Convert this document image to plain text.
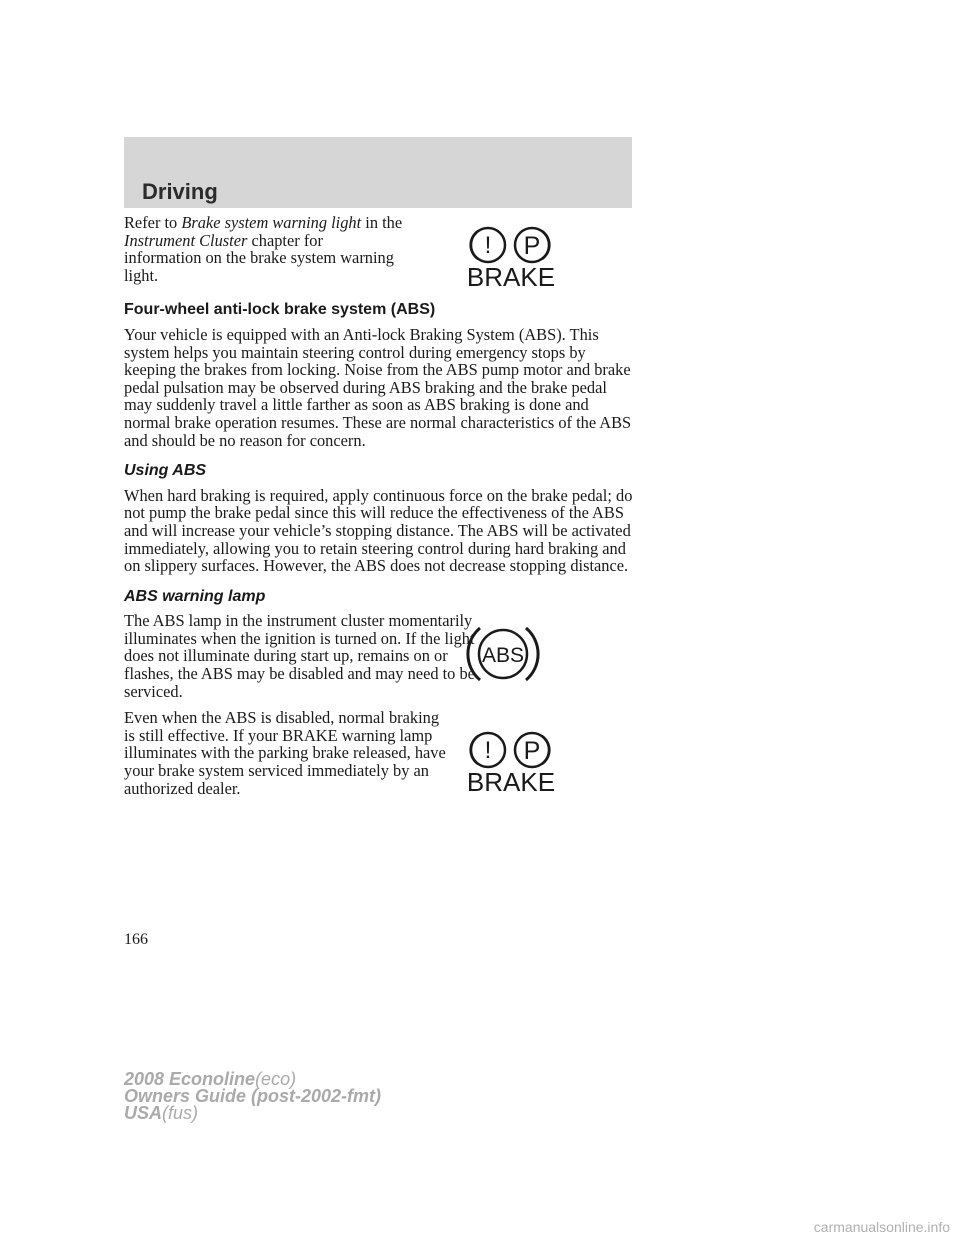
Driving
! P
BRAKE
ABS
! P
BRAKE

Refer to Brake system warning light in the Instrument Cluster chapter for information on the brake system warning light.

Four-wheel anti-lock brake system (ABS)

Your vehicle is equipped with an Anti-lock Braking System (ABS). This system helps you maintain steering control during emergency stops by keeping the brakes from locking. Noise from the ABS pump motor and brake pedal pulsation may be observed during ABS braking and the brake pedal may suddenly travel a little farther as soon as ABS braking is done and normal brake operation resumes. These are normal characteristics of the ABS and should be no reason for concern.

Using ABS

When hard braking is required, apply continuous force on the brake pedal; do not pump the brake pedal since this will reduce the effectiveness of the ABS and will increase your vehicle’s stopping distance. The ABS will be activated immediately, allowing you to retain steering control during hard braking and on slippery surfaces. However, the ABS does not decrease stopping distance.

ABS warning lamp

The ABS lamp in the instrument cluster momentarily illuminates when the ignition is turned on. If the light does not illuminate during start up, remains on or flashes, the ABS may be disabled and may need to be serviced.

Even when the ABS is disabled, normal braking is still effective. If your BRAKE warning lamp illuminates with the parking brake released, have your brake system serviced immediately by an authorized dealer.

166
2008 Econoline(eco)
Owners Guide (post-2002-fmt)
USA(fus)
carmanualsonline.info
